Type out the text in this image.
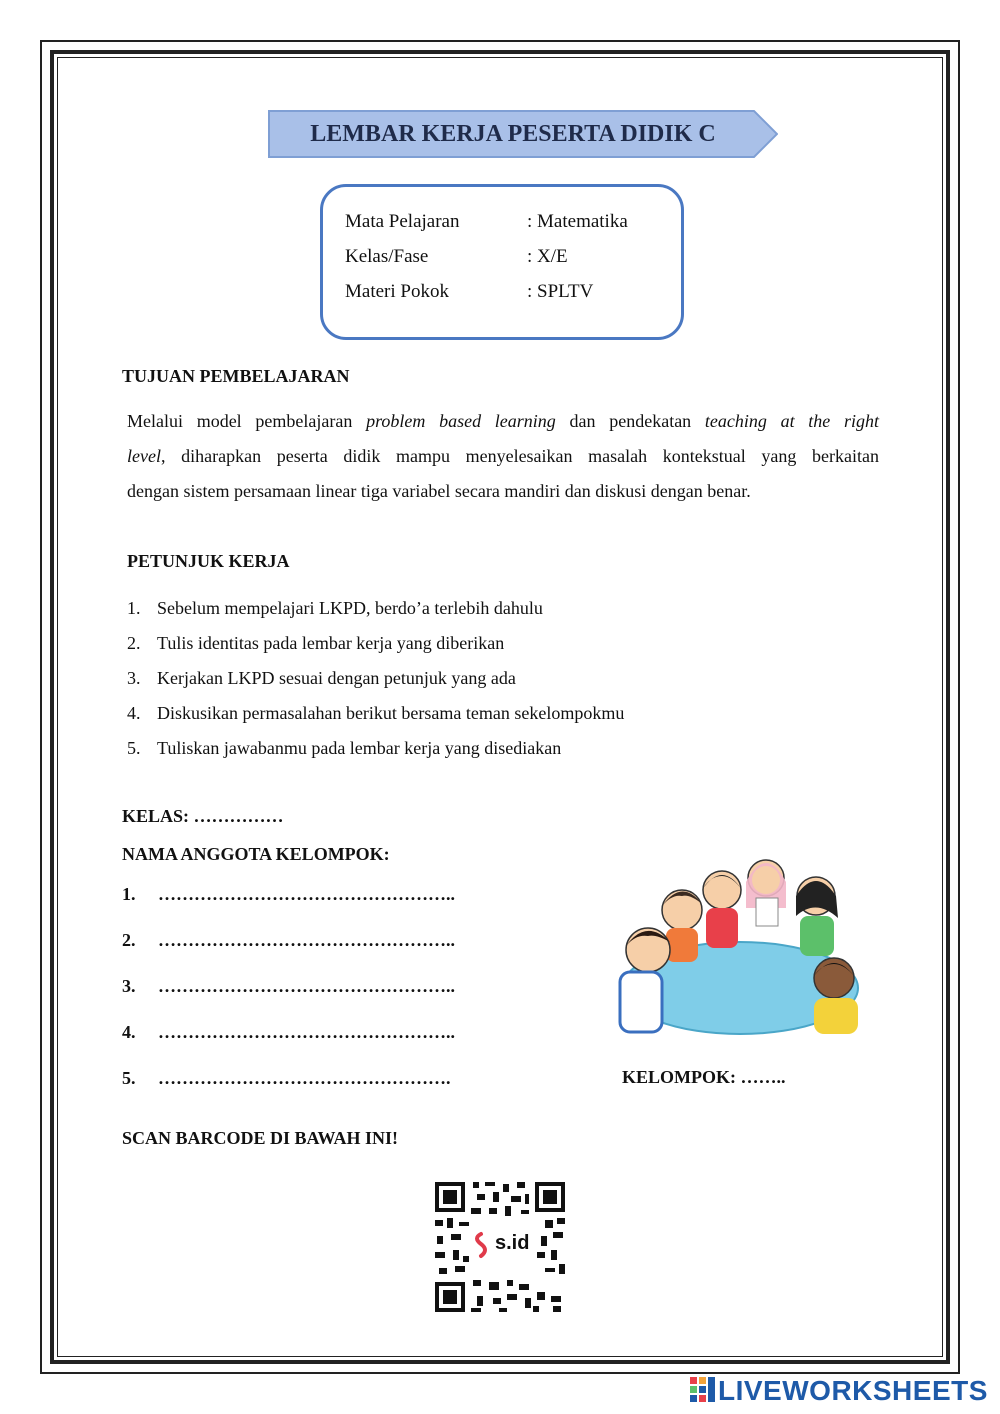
LEMBAR KERJA PESERTA DIDIK C
Mata Pelajaran	: Matematika
Kelas/Fase	: X/E
Materi Pokok	: SPLTV
TUJUAN PEMBELAJARAN
Melalui model pembelajaran problem based learning dan pendekatan teaching at the right
level, diharapkan peserta didik mampu menyelesaikan masalah kontekstual yang berkaitan
dengan sistem persamaan linear tiga variabel secara mandiri dan diskusi dengan benar.
PETUNJUK KERJA
1. Sebelum mempelajari LKPD, berdo’a terlebih dahulu
2. Tulis identitas pada lembar kerja yang diberikan
3. Kerjakan LKPD sesuai dengan petunjuk yang ada
4. Diskusikan permasalahan berikut bersama teman sekelompokmu
5. Tuliskan jawabanmu pada lembar kerja yang disediakan
KELAS: ……………
NAMA ANGGOTA KELOMPOK:
1. …………………………………………..
2. …………………………………………..
3. …………………………………………..
4. …………………………………………..
5. ………………………………………….	KELOMPOK: ……..
SCAN BARCODE DI BAWAH INI!
s.id
LIVEWORKSHEETS
